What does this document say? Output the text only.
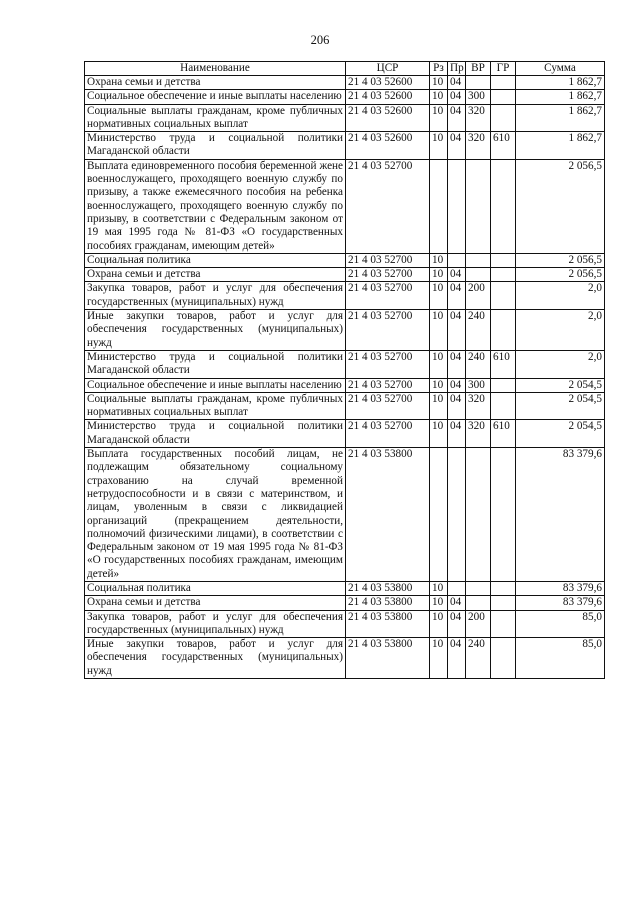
206
Наименование	ЦСР	Рз	Пр	ВР	ГР	Сумма
Охрана семьи и детства	21 4 03 52600	10	04			1 862,7
Социальное обеспечение и иные выплаты населению	21 4 03 52600	10	04	300		1 862,7
Социальные выплаты гражданам, кроме публичных нормативных социальных выплат	21 4 03 52600	10	04	320		1 862,7
Министерство труда и социальной политики Магаданской области	21 4 03 52600	10	04	320	610	1 862,7
Выплата единовременного пособия беременной жене военнослужащего, проходящего военную службу по призыву, а также ежемесячного пособия на ребенка военнослужащего, проходящего военную службу по призыву, в соответствии с Федеральным законом от 19 мая 1995 года № 81-ФЗ «О государственных пособиях гражданам, имеющим детей»	21 4 03 52700					2 056,5
Социальная политика	21 4 03 52700	10				2 056,5
Охрана семьи и детства	21 4 03 52700	10	04			2 056,5
Закупка товаров, работ и услуг для обеспечения государственных (муниципальных) нужд	21 4 03 52700	10	04	200		2,0
Иные закупки товаров, работ и услуг для обеспечения государственных (муниципальных) нужд	21 4 03 52700	10	04	240		2,0
Министерство труда и социальной политики Магаданской области	21 4 03 52700	10	04	240	610	2,0
Социальное обеспечение и иные выплаты населению	21 4 03 52700	10	04	300		2 054,5
Социальные выплаты гражданам, кроме публичных нормативных социальных выплат	21 4 03 52700	10	04	320		2 054,5
Министерство труда и социальной политики Магаданской области	21 4 03 52700	10	04	320	610	2 054,5
Выплата государственных пособий лицам, не подлежащим обязательному социальному страхованию на случай временной нетрудоспособности и в связи с материнством, и лицам, уволенным в связи с ликвидацией организаций (прекращением деятельности, полномочий физическими лицами), в соответствии с Федеральным законом от 19 мая 1995 года № 81-ФЗ «О государственных пособиях гражданам, имеющим детей»	21 4 03 53800					83 379,6
Социальная политика	21 4 03 53800	10				83 379,6
Охрана семьи и детства	21 4 03 53800	10	04			83 379,6
Закупка товаров, работ и услуг для обеспечения государственных (муниципальных) нужд	21 4 03 53800	10	04	200		85,0
Иные закупки товаров, работ и услуг для обеспечения государственных (муниципальных) нужд	21 4 03 53800	10	04	240		85,0
